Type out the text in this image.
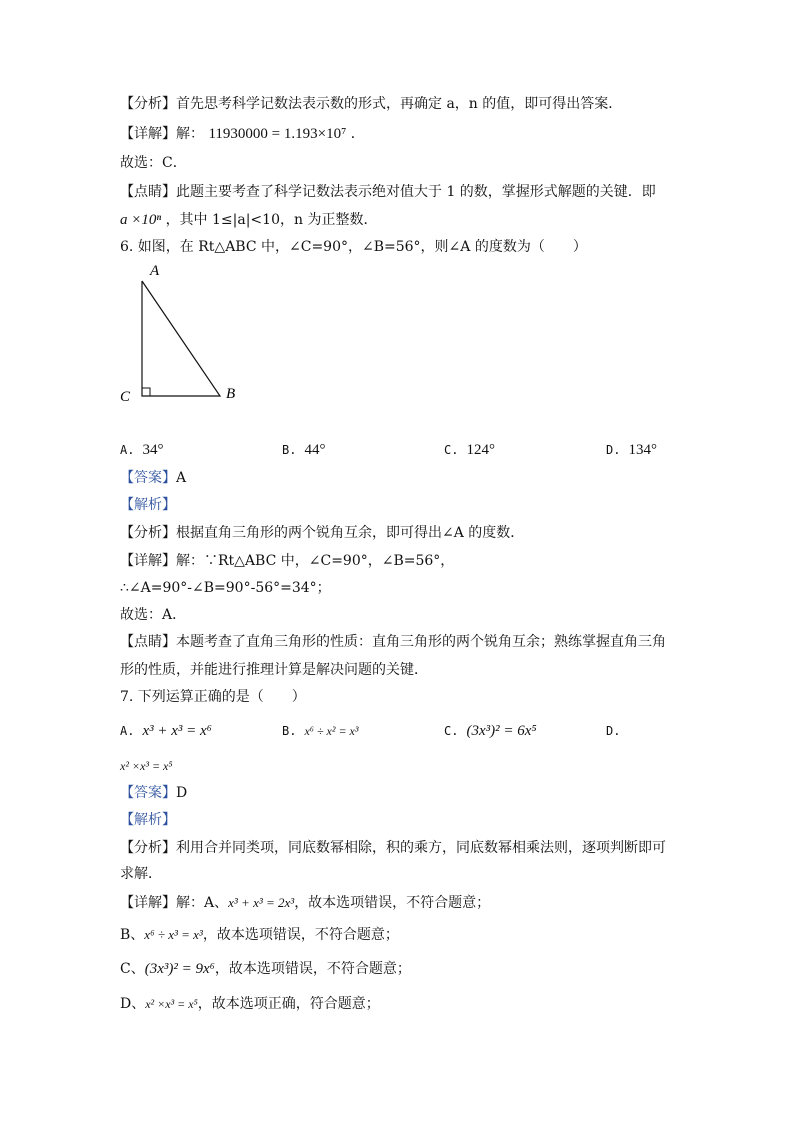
【分析】首先思考科学记数法表示数的形式，再确定 a，n 的值，即可得出答案．
【详解】解： 11930000 = 1.193×10⁷ ．
故选：C．
【点睛】此题主要考查了科学记数法表示绝对值大于 1 的数，掌握形式解题的关键．即
a ×10ⁿ ，其中 1≤|a|<10，n 为正整数．
6. 如图，在 Rt△ABC 中，∠C=90°，∠B=56°，则∠A 的度数为（　　）
A
B
C
A. 34°	B. 44°	C. 124°	D. 134°
【答案】A
【解析】
【分析】根据直角三角形的两个锐角互余，即可得出∠A 的度数．
【详解】解：∵Rt△ABC 中，∠C=90°，∠B=56°，
∴∠A=90°-∠B=90°-56°=34°；
故选：A．
【点睛】本题考查了直角三角形的性质：直角三角形的两个锐角互余；熟练掌握直角三角
形的性质，并能进行推理计算是解决问题的关键．
7. 下列运算正确的是（　　）
A. x³ + x³ = x⁶	B. x⁶ ÷ x² = x³	C. (3x³)² = 6x⁵	D.
x² ×x³ = x⁵
【答案】D
【解析】
【分析】利用合并同类项，同底数幂相除，积的乘方，同底数幂相乘法则，逐项判断即可
求解．
【详解】解：A、x³ + x³ = 2x³，故本选项错误，不符合题意；
B、x⁶ ÷ x³ = x³，故本选项错误，不符合题意；
C、(3x³)² = 9x⁶，故本选项错误，不符合题意；
D、x² ×x³ = x⁵，故本选项正确，符合题意；
